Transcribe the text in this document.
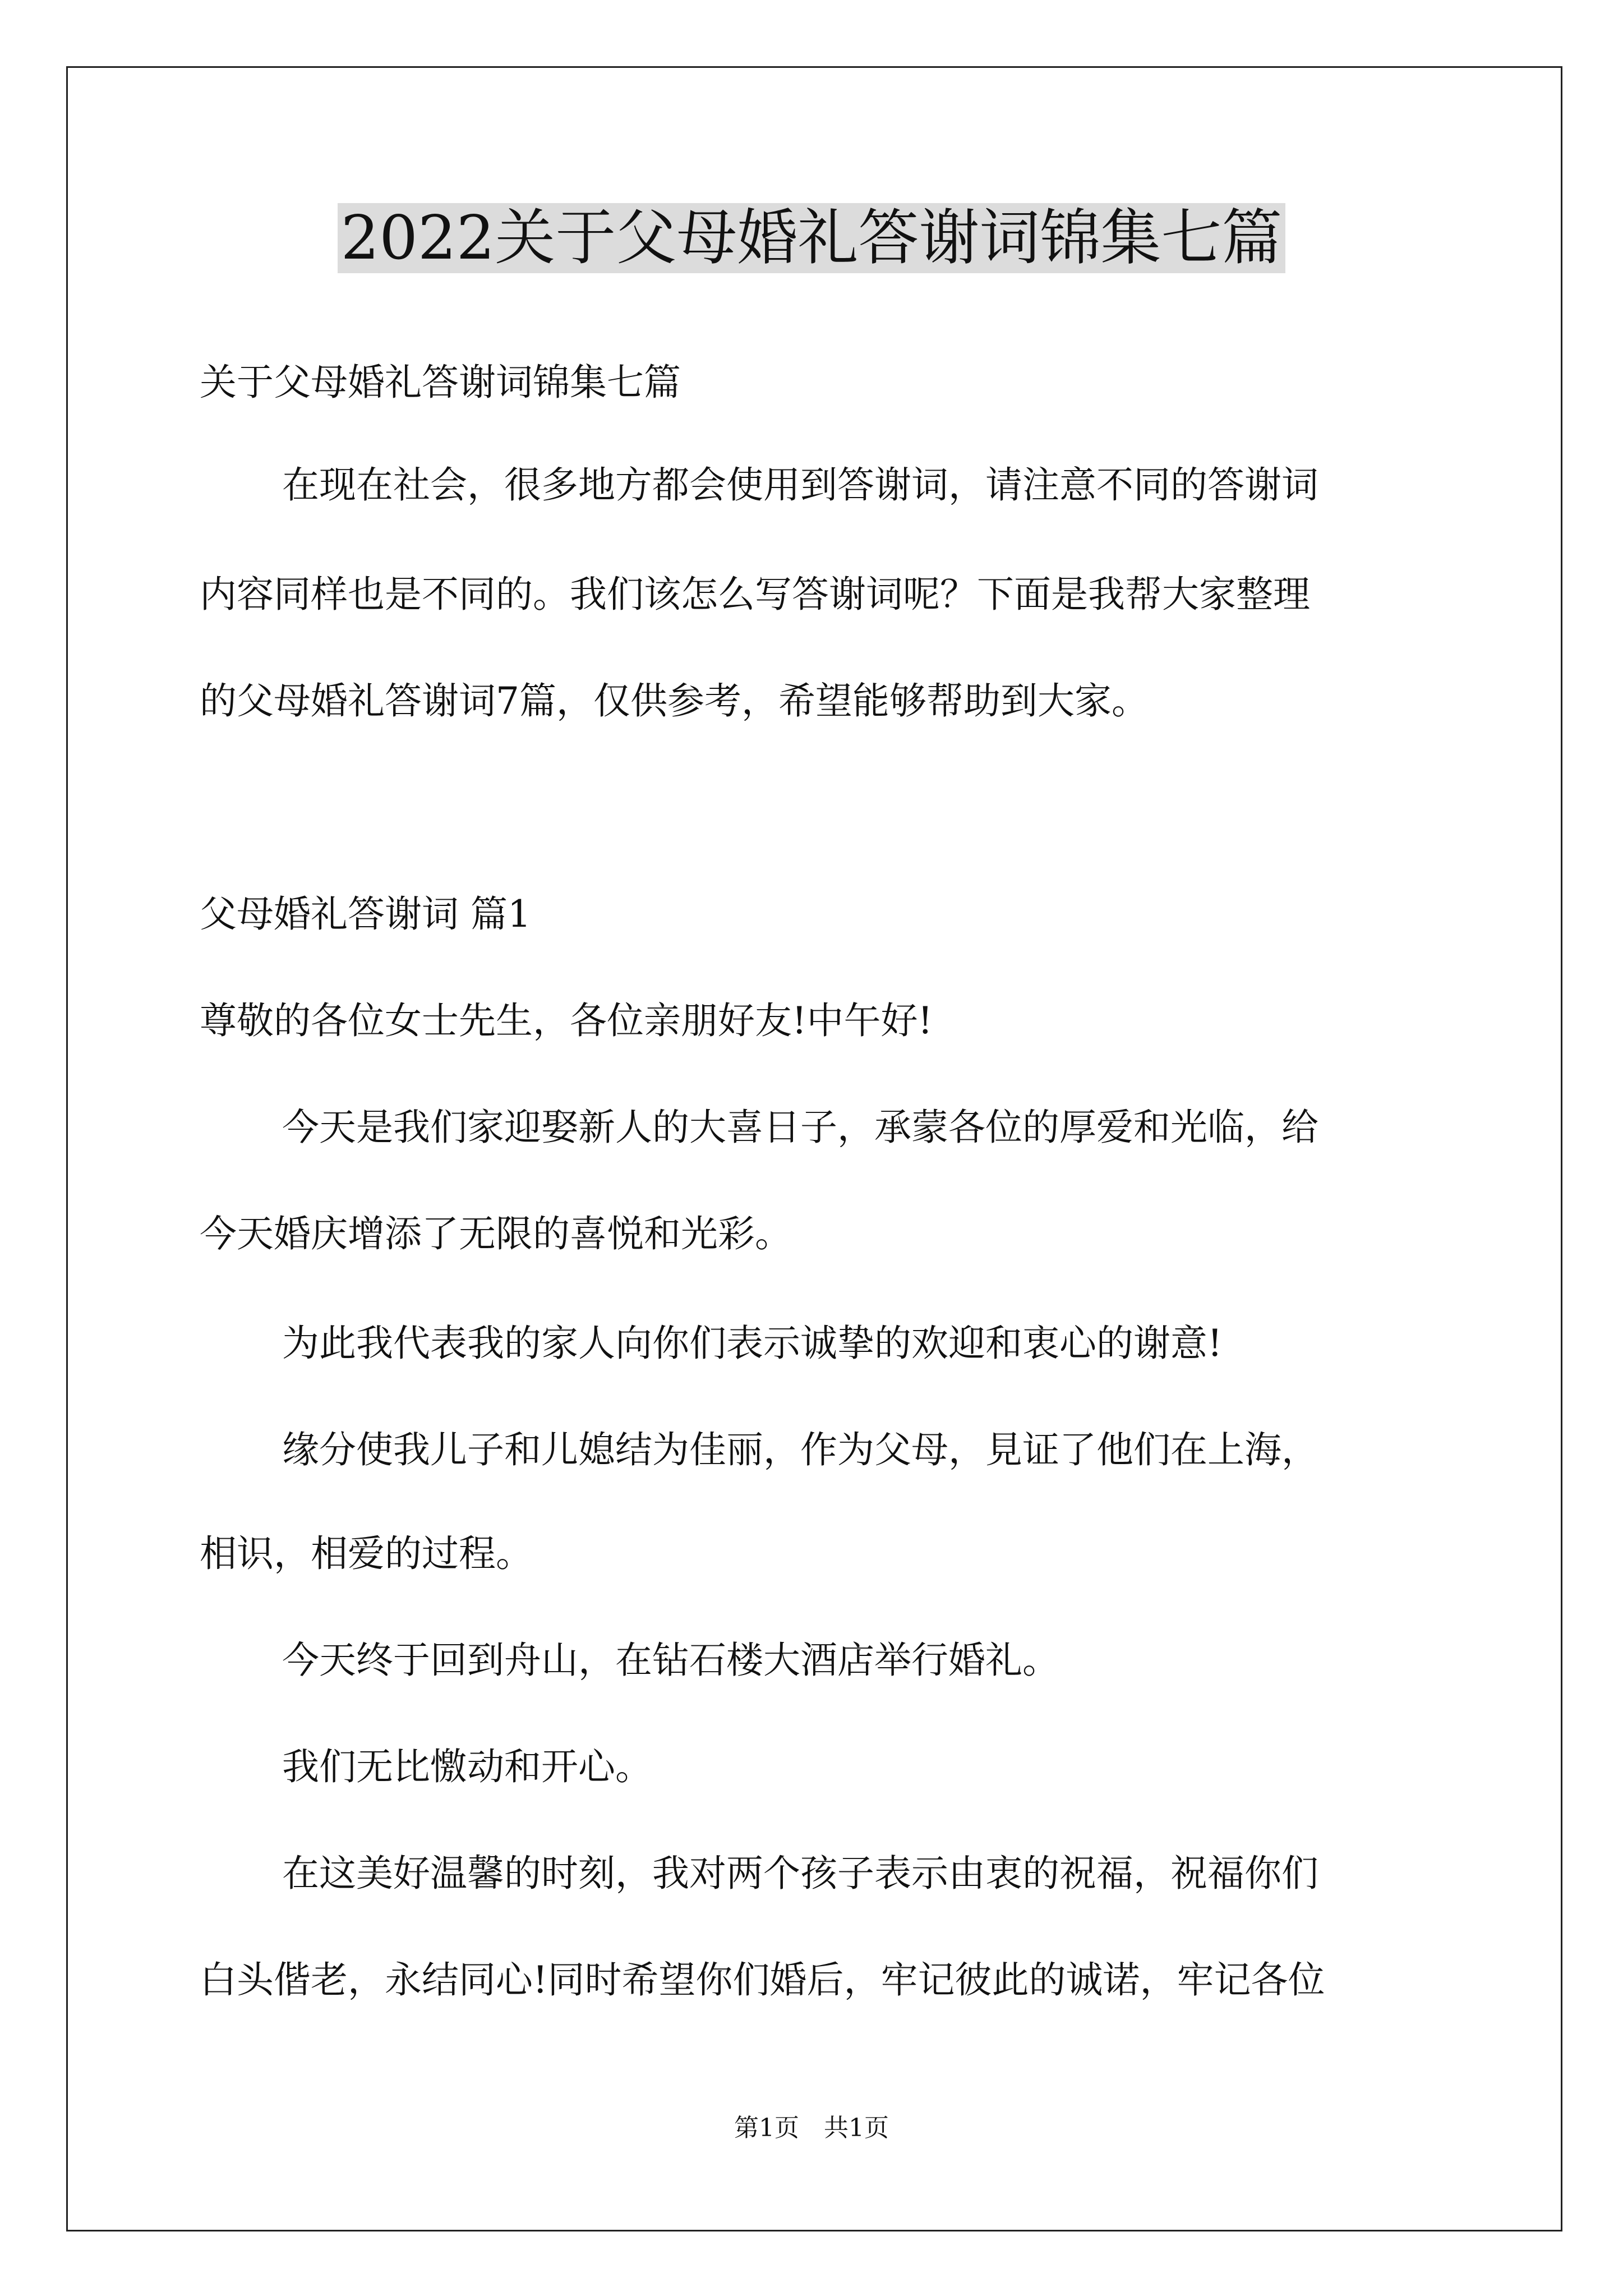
2022关于父母婚礼答谢词锦集七篇
关于父母婚礼答谢词锦集七篇
在现在社会，很多地方都会使用到答谢词，请注意不同的答谢词
内容同样也是不同的。我们该怎么写答谢词呢？下面是我帮大家整理
的父母婚礼答谢词7篇，仅供参考，希望能够帮助到大家。
父母婚礼答谢词 篇1
尊敬的各位女士先生，各位亲朋好友!中午好!
今天是我们家迎娶新人的大喜日子，承蒙各位的厚爱和光临，给
今天婚庆增添了无限的喜悦和光彩。
为此我代表我的家人向你们表示诚挚的欢迎和衷心的谢意!
缘分使我儿子和儿媳结为佳丽，作为父母，見证了他们在上海，
相识，相爱的过程。
今天终于回到舟山，在钻石楼大酒店举行婚礼。
我们无比憿动和开心。
在这美好温馨的时刻，我对两个孩子表示由衷的祝福，祝福你们
白头偕老，永结同心!同时希望你们婚后，牢记彼此的诚诺，牢记各位
第1页　共1页
